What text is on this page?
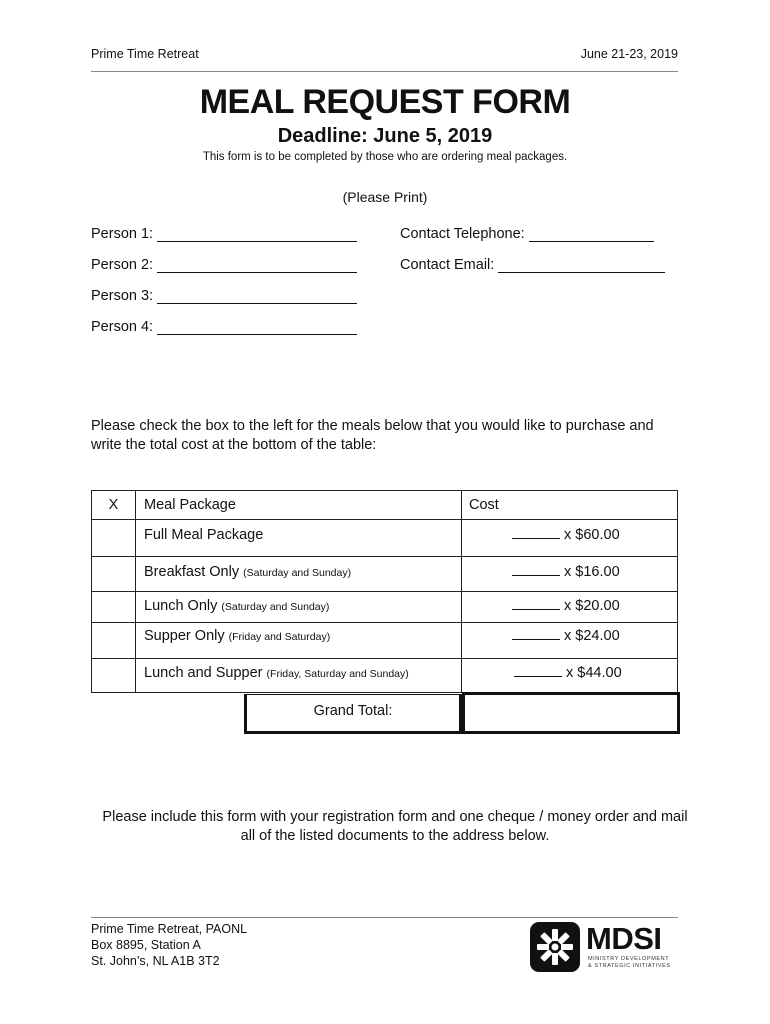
Prime Time Retreat	June 21-23, 2019
MEAL REQUEST FORM
Deadline: June 5, 2019
This form is to be completed by those who are ordering meal packages.
(Please Print)
Person 1:
Person 2:
Person 3:
Person 4:
Contact Telephone:
Contact Email:
Please check the box to the left for the meals below that you would like to purchase and write the total cost at the bottom of the table:
X	Meal Package	Cost
Full Meal Package	x $60.00
Breakfast Only (Saturday and Sunday)	x $16.00
Lunch Only (Saturday and Sunday)	x $20.00
Supper Only (Friday and Saturday)	x $24.00
Lunch and Supper (Friday, Saturday and Sunday)	x $44.00
Grand Total:
Please include this form with your registration form and one cheque / money order and mail all of the listed documents to the address below.
Prime Time Retreat, PAONL
Box 8895, Station A
St. John’s, NL A1B 3T2
MDSI
MINISTRY DEVELOPMENT
& STRATEGIC INITIATIVES
